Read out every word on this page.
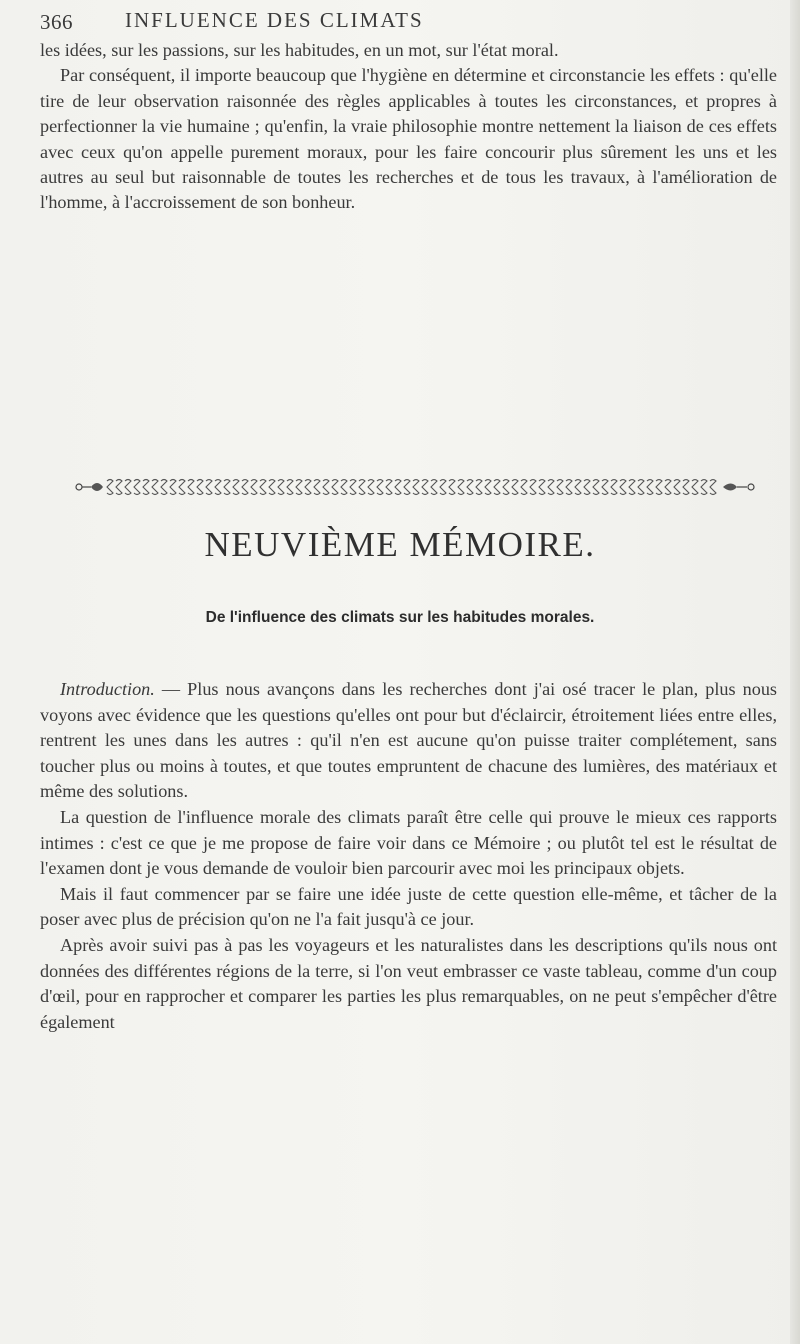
366 INFLUENCE DES CLIMATS

les idées, sur les passions, sur les habitudes, en un mot, sur l'état moral.

Par conséquent, il importe beaucoup que l'hygiène en détermine et circonstancie les effets : qu'elle tire de leur observation raisonnée des règles applicables à toutes les circonstances, et propres à perfectionner la vie humaine ; qu'enfin, la vraie philosophie montre nettement la liaison de ces effets avec ceux qu'on appelle purement moraux, pour les faire concourir plus sûrement les uns et les autres au seul but raisonnable de toutes les recherches et de tous les travaux, à l'amélioration de l'homme, à l'accroissement de son bonheur.

NEUVIÈME MÉMOIRE.
De l'influence des climats sur les habitudes morales.

Introduction. — Plus nous avançons dans les recherches dont j'ai osé tracer le plan, plus nous voyons avec évidence que les questions qu'elles ont pour but d'éclaircir, étroitement liées entre elles, rentrent les unes dans les autres : qu'il n'en est aucune qu'on puisse traiter complétement, sans toucher plus ou moins à toutes, et que toutes empruntent de chacune des lumières, des matériaux et même des solutions.

La question de l'influence morale des climats paraît être celle qui prouve le mieux ces rapports intimes : c'est ce que je me propose de faire voir dans ce Mémoire ; ou plutôt tel est le résultat de l'examen dont je vous demande de vouloir bien parcourir avec moi les principaux objets.

Mais il faut commencer par se faire une idée juste de cette question elle-même, et tâcher de la poser avec plus de précision qu'on ne l'a fait jusqu'à ce jour.

Après avoir suivi pas à pas les voyageurs et les naturalistes dans les descriptions qu'ils nous ont données des différentes régions de la terre, si l'on veut embrasser ce vaste tableau, comme d'un coup d'œil, pour en rapprocher et comparer les parties les plus remarquables, on ne peut s'empêcher d'être également
